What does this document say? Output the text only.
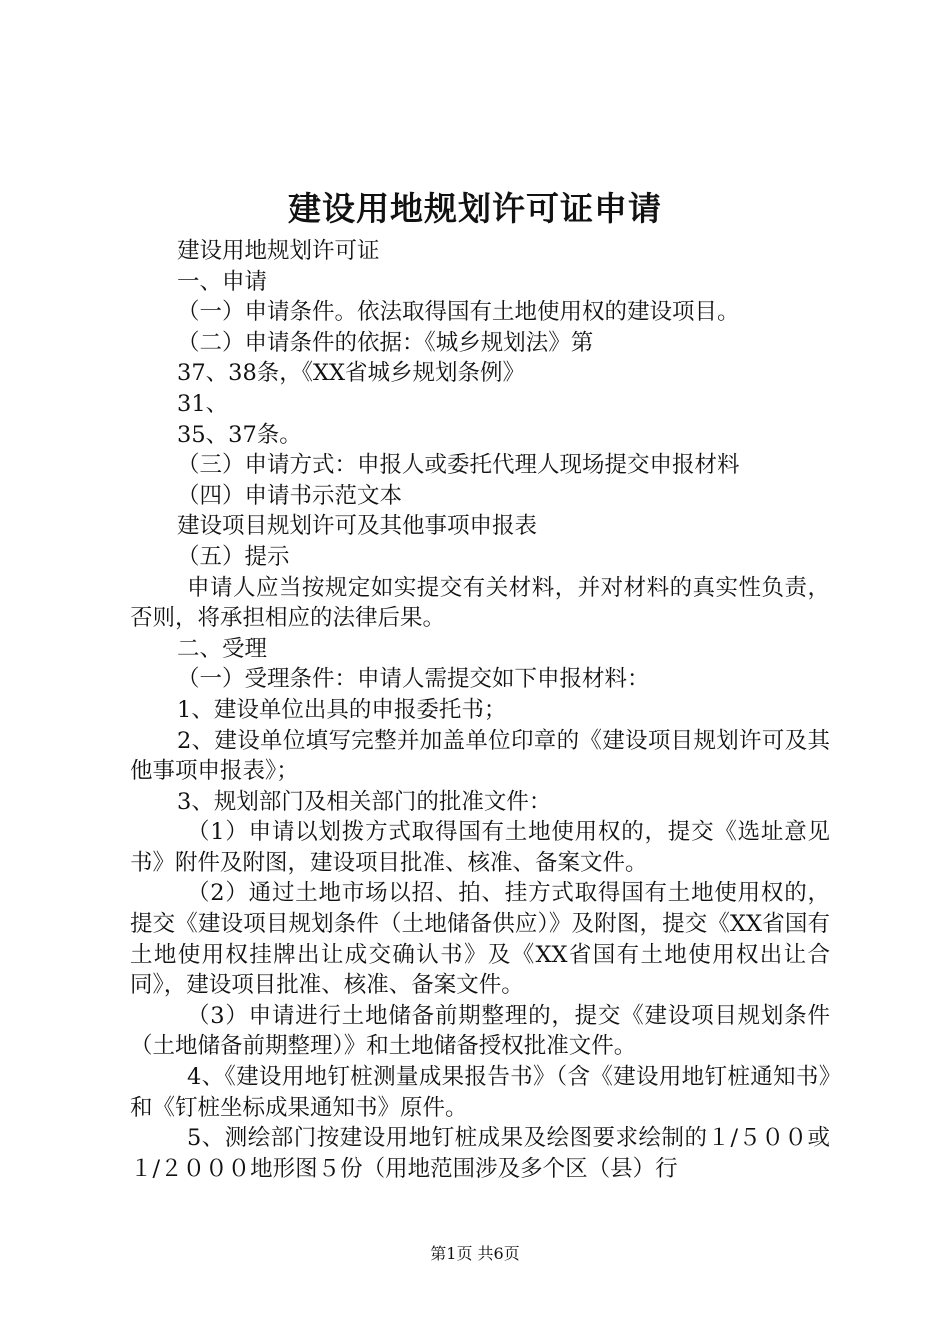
建设用地规划许可证申请

建设用地规划许可证

一、申请

（一）申请条件。依法取得国有土地使用权的建设项目。

（二）申请条件的依据：《城乡规划法》第

37、38条，《XX省城乡规划条例》

31、

35、37条。

（三）申请方式：申报人或委托代理人现场提交申报材料

（四）申请书示范文本

建设项目规划许可及其他事项申报表

（五）提示

申请人应当按规定如实提交有关材料，并对材料的真实性负责，否则，将承担相应的法律后果。

二、受理

（一）受理条件：申请人需提交如下申报材料：

1、建设单位出具的申报委托书；

2、建设单位填写完整并加盖单位印章的《建设项目规划许可及其他事项申报表》；

3、规划部门及相关部门的批准文件：

（1）申请以划拨方式取得国有土地使用权的，提交《选址意见书》附件及附图，建设项目批准、核准、备案文件。

（2）通过土地市场以招、拍、挂方式取得国有土地使用权的，提交《建设项目规划条件（土地储备供应）》及附图，提交《XX省国有土地使用权挂牌出让成交确认书》及《XX省国有土地使用权出让合同》，建设项目批准、核准、备案文件。

（3）申请进行土地储备前期整理的，提交《建设项目规划条件（土地储备前期整理）》和土地储备授权批准文件。

4、《建设用地钉桩测量成果报告书》（含《建设用地钉桩通知书》和《钉桩坐标成果通知书》原件。

5、测绘部门按建设用地钉桩成果及绘图要求绘制的１/５００或１/２０００地形图５份（用地范围涉及多个区（县）行

第1页 共6页
